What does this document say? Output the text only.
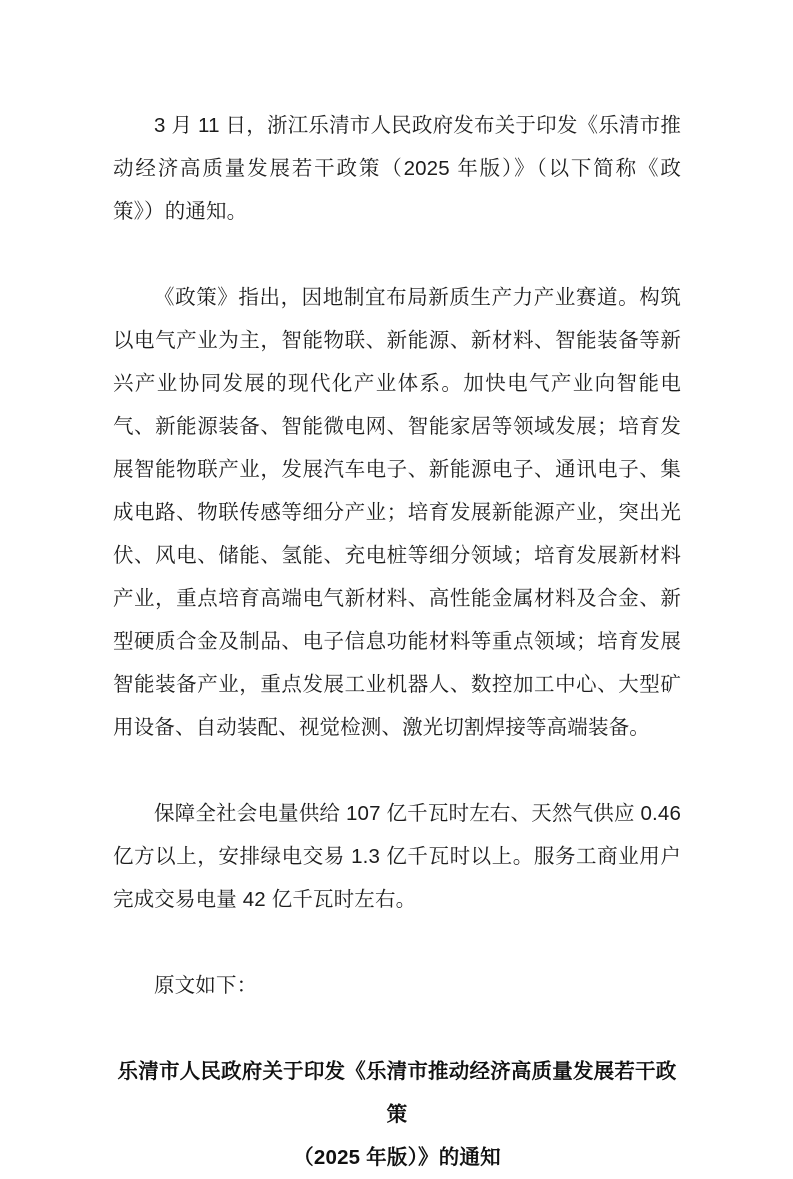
3 月 11 日，浙江乐清市人民政府发布关于印发《乐清市推动经济高质量发展若干政策（2025 年版）》（以下简称《政策》）的通知。

《政策》指出，因地制宜布局新质生产力产业赛道。构筑以电气产业为主，智能物联、新能源、新材料、智能装备等新兴产业协同发展的现代化产业体系。加快电气产业向智能电气、新能源装备、智能微电网、智能家居等领域发展；培育发展智能物联产业，发展汽车电子、新能源电子、通讯电子、集成电路、物联传感等细分产业；培育发展新能源产业，突出光伏、风电、储能、氢能、充电桩等细分领域；培育发展新材料产业，重点培育高端电气新材料、高性能金属材料及合金、新型硬质合金及制品、电子信息功能材料等重点领域；培育发展智能装备产业，重点发展工业机器人、数控加工中心、大型矿用设备、自动装配、视觉检测、激光切割焊接等高端装备。

保障全社会电量供给 107 亿千瓦时左右、天然气供应 0.46 亿方以上，安排绿电交易 1.3 亿千瓦时以上。服务工商业用户完成交易电量 42 亿千瓦时左右。

原文如下：

乐清市人民政府关于印发《乐清市推动经济高质量发展若干政策
（2025 年版）》的通知
